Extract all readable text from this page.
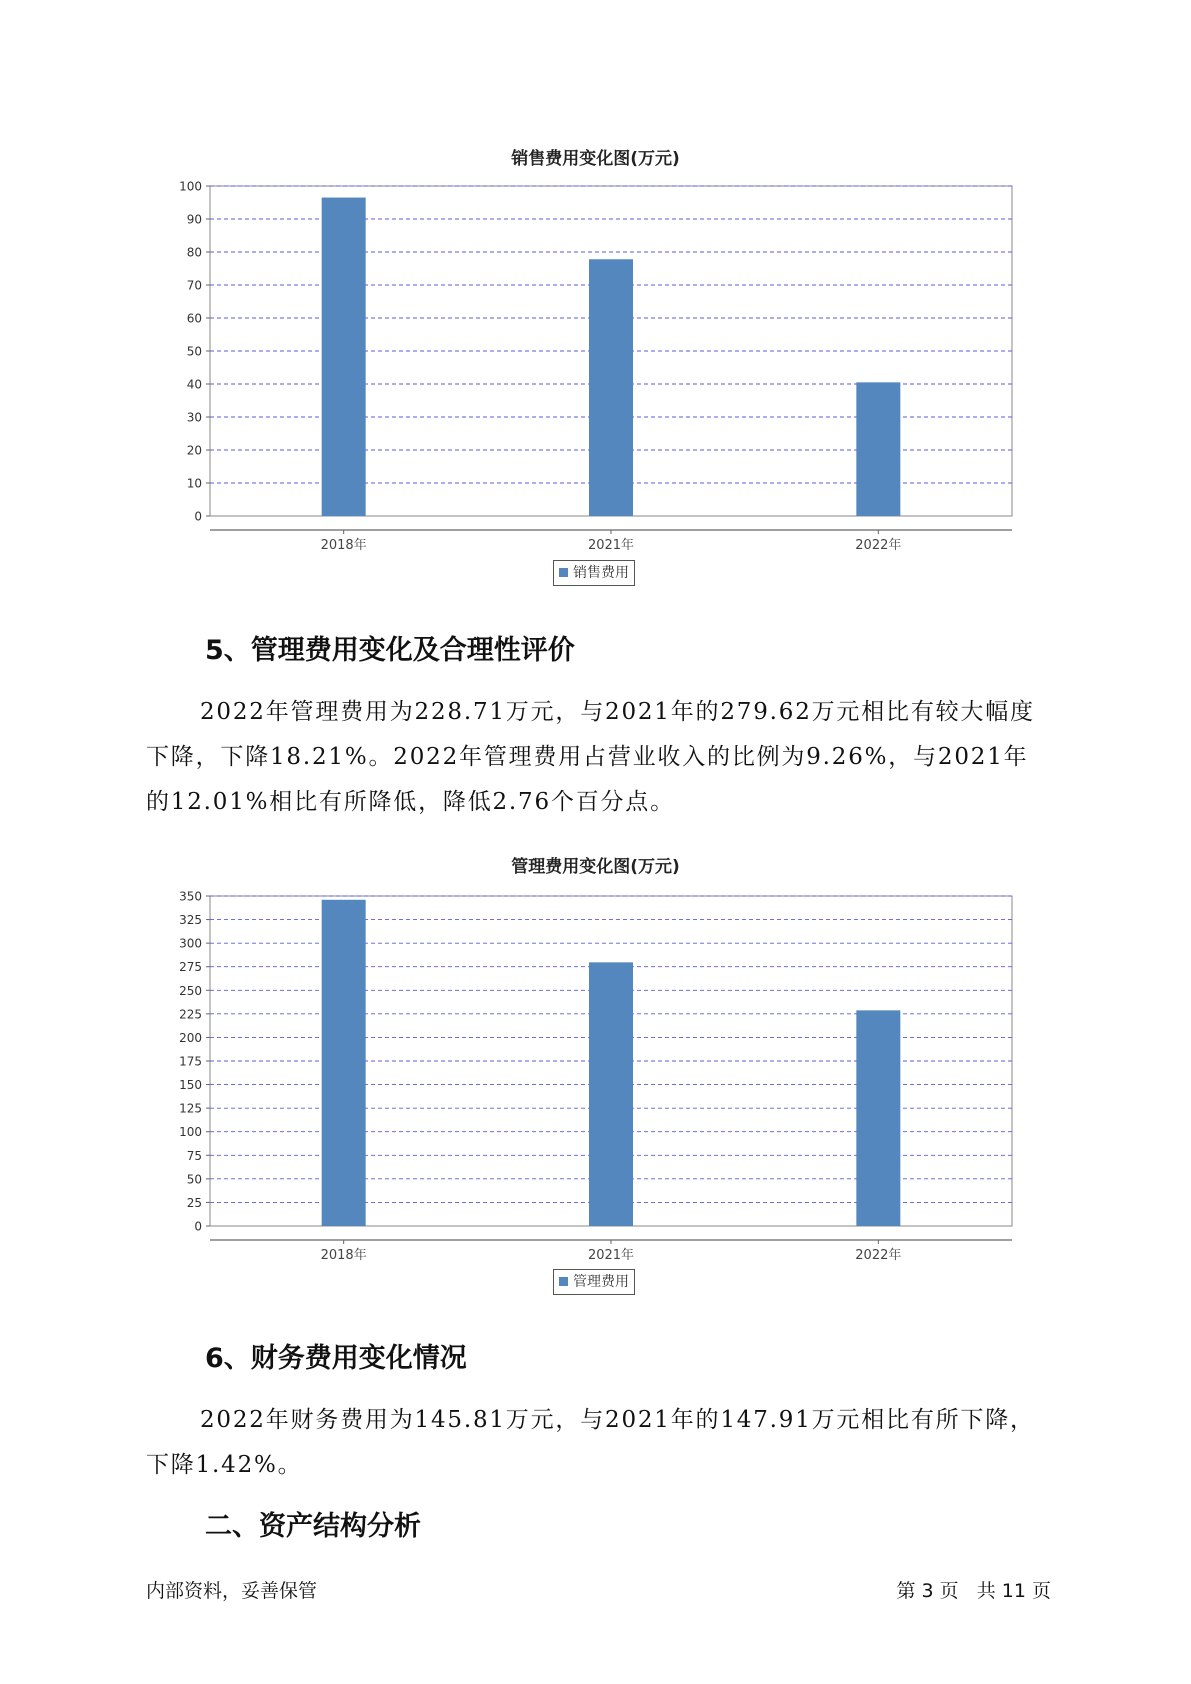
销售费用变化图(万元)
0
10
20
30
40
50
60
70
80
90
100
2018年	2021年	2022年
销售费用
5、管理费用变化及合理性评价

2022年管理费用为228.71万元，与2021年的279.62万元相比有较大幅度下降，下降18.21%。2022年管理费用占营业收入的比例为9.26%，与2021年的12.01%相比有所降低，降低2.76个百分点。

管理费用变化图(万元)
0
25
50
75
100
125
150
175
200
225
250
275
300
325
350
2018年	2021年	2022年
管理费用
6、财务费用变化情况

2022年财务费用为145.81万元，与2021年的147.91万元相比有所下降，下降1.42%。

二、资产结构分析
内部资料，妥善保管	第 3 页   共 11 页
